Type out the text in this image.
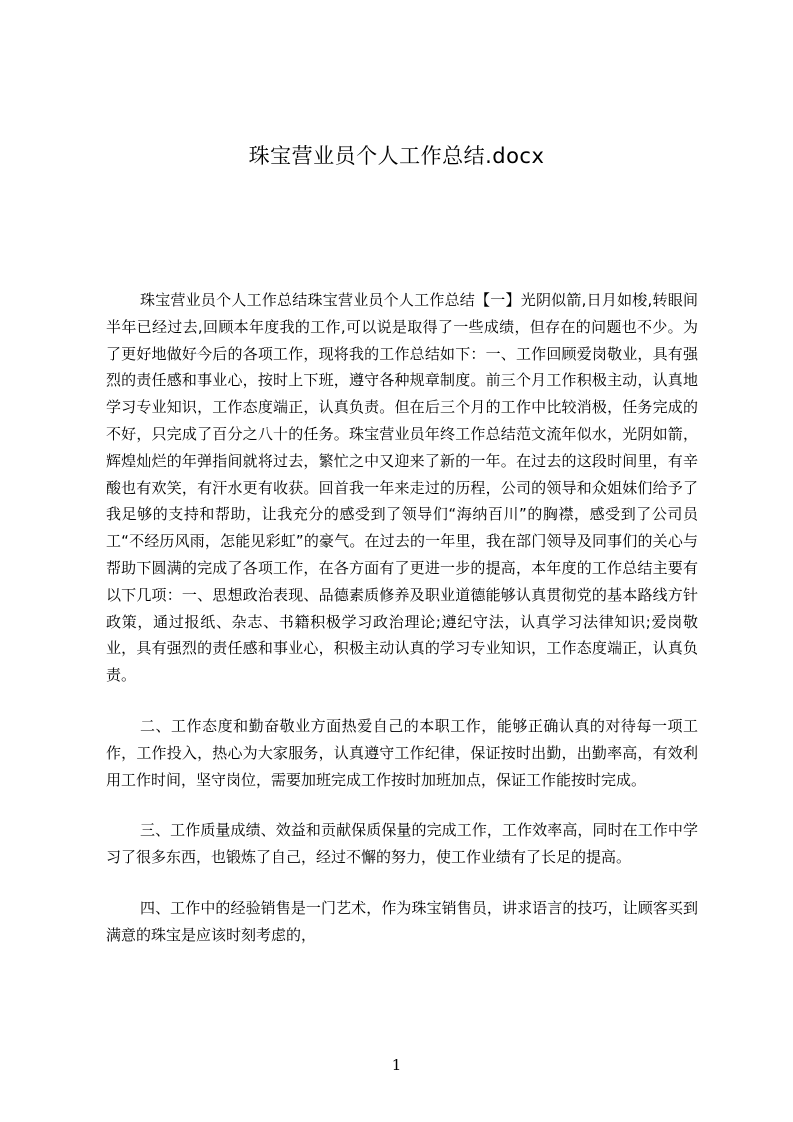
珠宝营业员个人工作总结.docx

珠宝营业员个人工作总结珠宝营业员个人工作总结【一】光阴似箭,日月如梭,转眼间半年已经过去,回顾本年度我的工作,可以说是取得了一些成绩，但存在的问题也不少。为了更好地做好今后的各项工作，现将我的工作总结如下：一、工作回顾爱岗敬业，具有强烈的责任感和事业心，按时上下班，遵守各种规章制度。前三个月工作积极主动，认真地学习专业知识，工作态度端正，认真负责。但在后三个月的工作中比较消极，任务完成的不好，只完成了百分之八十的任务。珠宝营业员年终工作总结范文流年似水，光阴如箭，辉煌灿烂的年弹指间就将过去，繁忙之中又迎来了新的一年。在过去的这段时间里，有辛酸也有欢笑，有汗水更有收获。回首我一年来走过的历程，公司的领导和众姐妹们给予了我足够的支持和帮助，让我充分的感受到了领导们“海纳百川”的胸襟，感受到了公司员工“不经历风雨，怎能见彩虹”的豪气。在过去的一年里，我在部门领导及同事们的关心与帮助下圆满的完成了各项工作，在各方面有了更进一步的提高，本年度的工作总结主要有以下几项：一、思想政治表现、品德素质修养及职业道德能够认真贯彻党的基本路线方针政策，通过报纸、杂志、书籍积极学习政治理论;遵纪守法，认真学习法律知识;爱岗敬业，具有强烈的责任感和事业心，积极主动认真的学习专业知识，工作态度端正，认真负责。

二、工作态度和勤奋敬业方面热爱自己的本职工作，能够正确认真的对待每一项工作，工作投入，热心为大家服务，认真遵守工作纪律，保证按时出勤，出勤率高，有效利用工作时间，坚守岗位，需要加班完成工作按时加班加点，保证工作能按时完成。

三、工作质量成绩、效益和贡献保质保量的完成工作，工作效率高，同时在工作中学习了很多东西，也锻炼了自己，经过不懈的努力，使工作业绩有了长足的提高。

四、工作中的经验销售是一门艺术，作为珠宝销售员，讲求语言的技巧，让顾客买到满意的珠宝是应该时刻考虑的，

1
